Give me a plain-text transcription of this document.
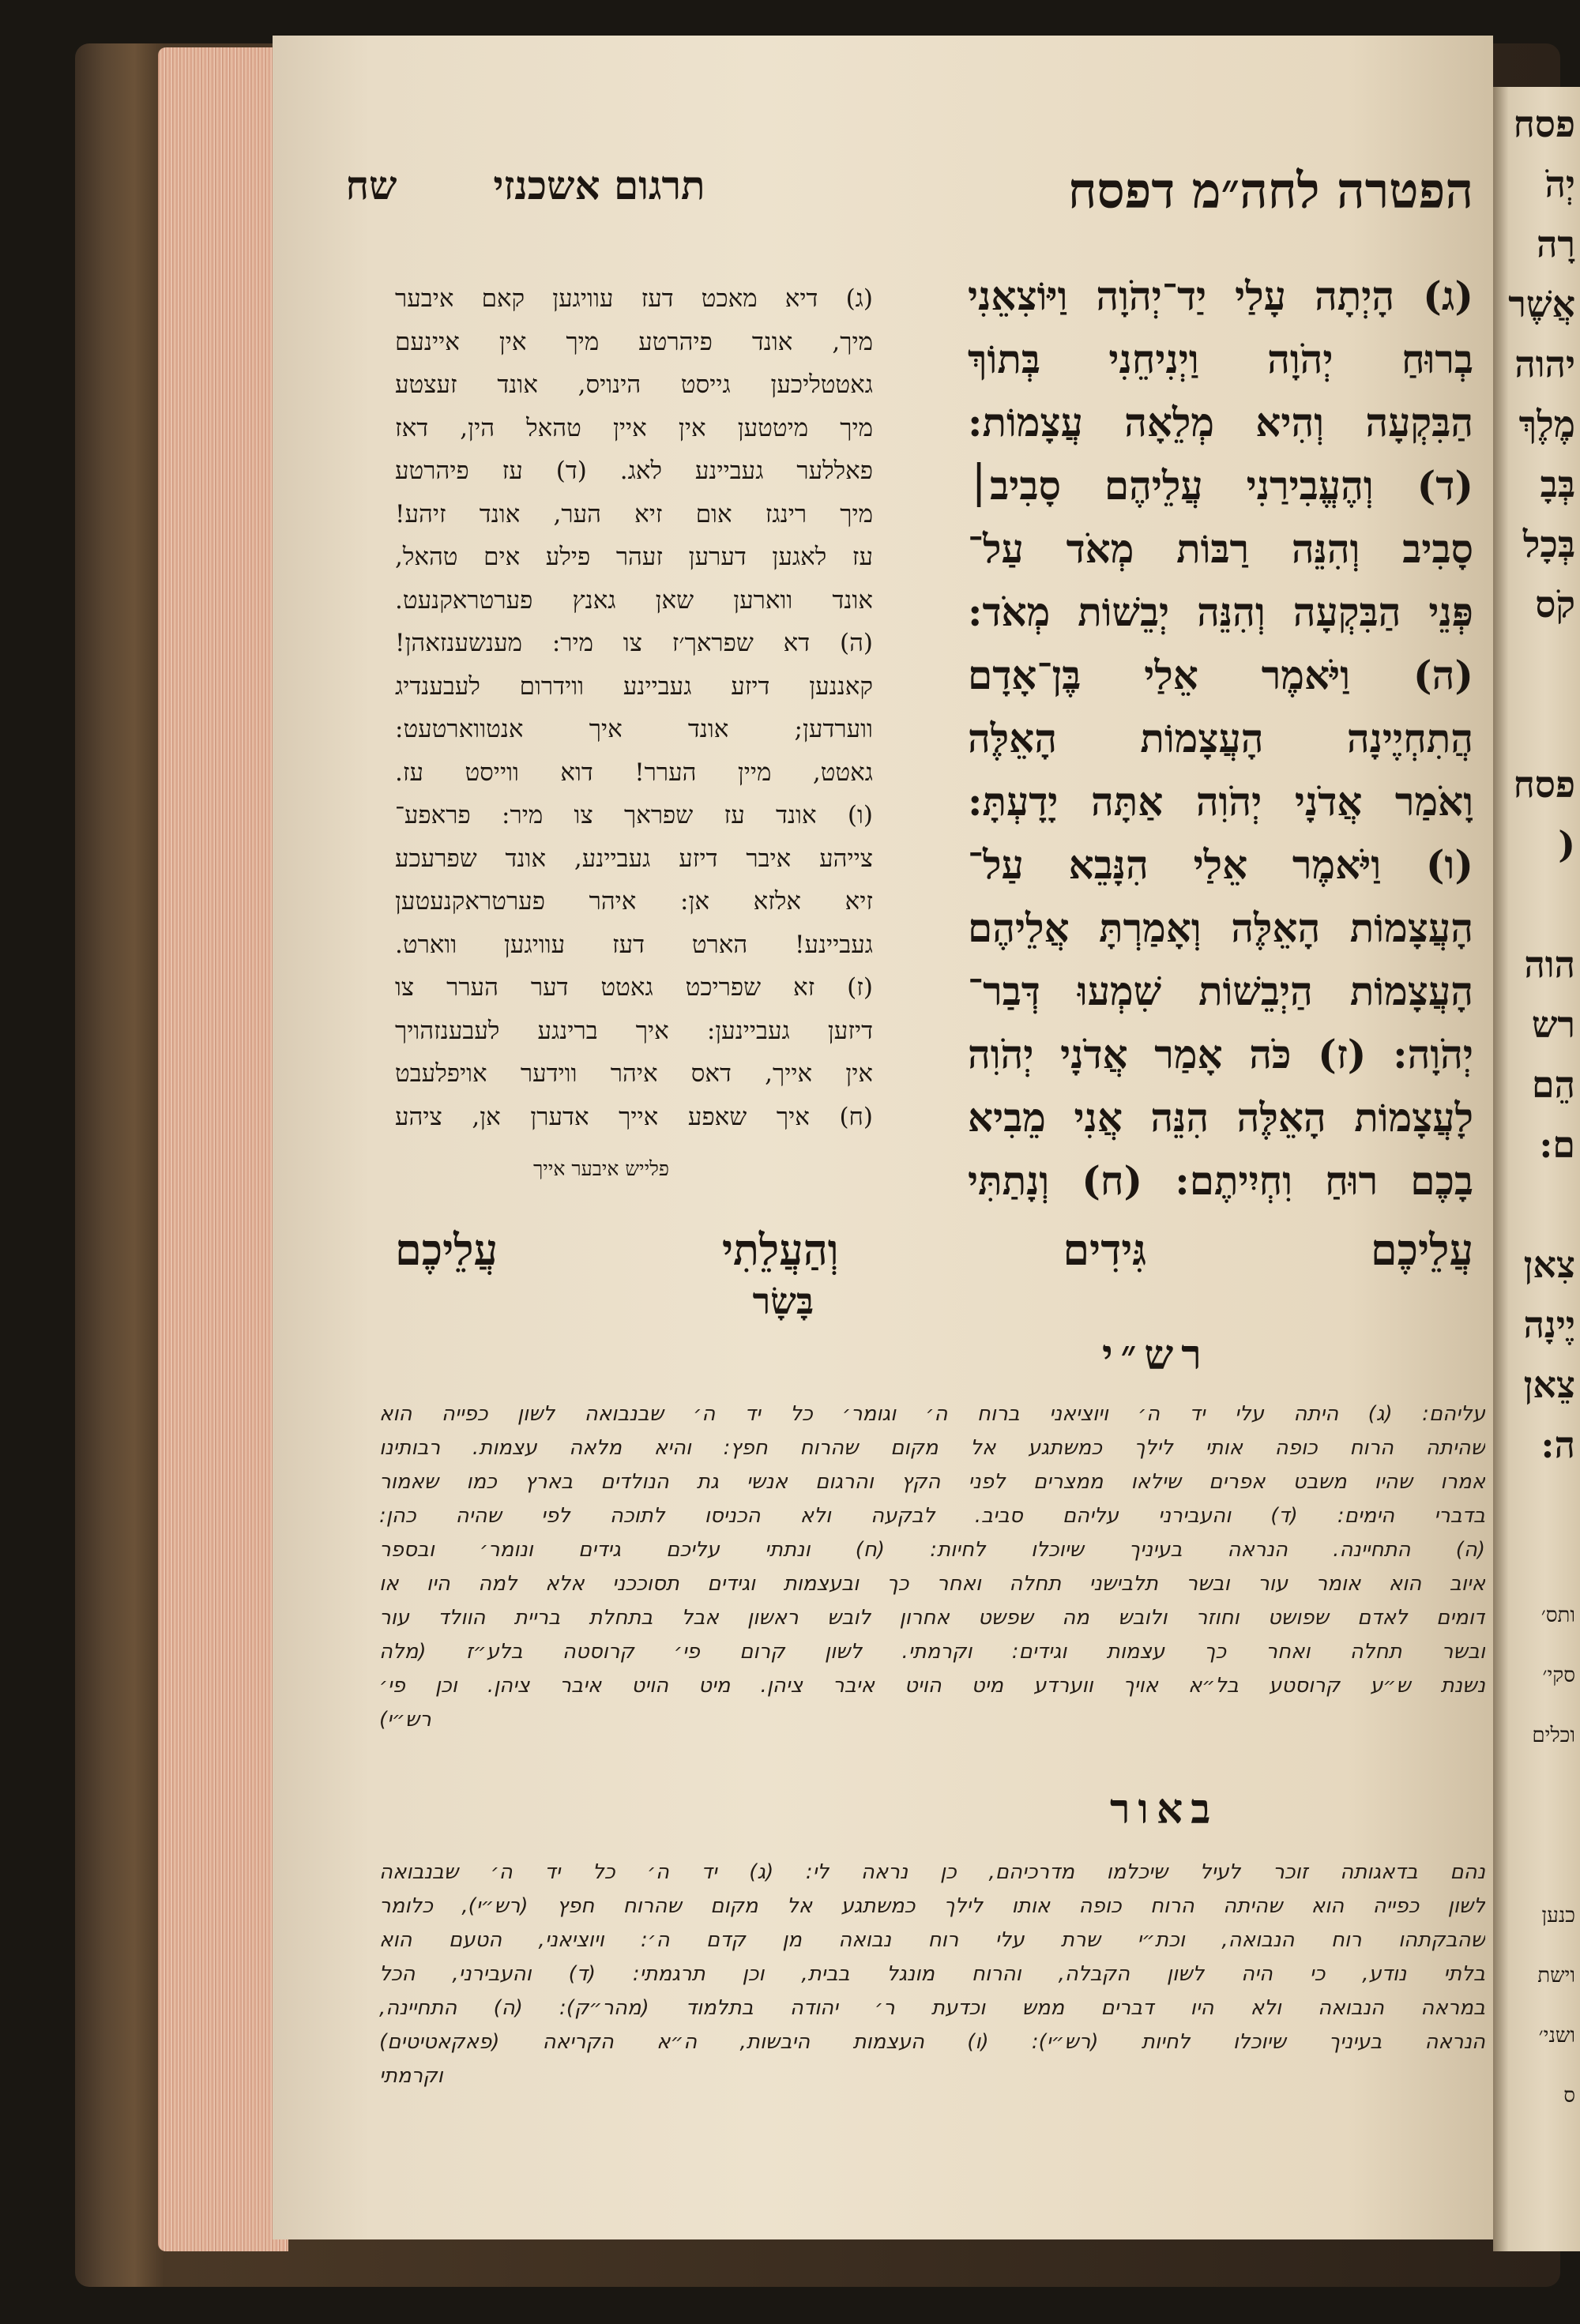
הפטרה לחה״מ דפסח
תרגום אשכנזי       שח
(ג) הָיְתָה עָלַי יַד־יְהֹוָה וַיּוֹצִאֵנִי
בְרוּחַ יְהֹוָה וַיְנִיחֵנִי בְּתוֹךְ
הַבִּקְעָה וְהִיא מְלֵאָה עֲצָמוֹת:
(ד) וְהֶעֱבִירַנִי עֲלֵיהֶם סָבִיב׀
סָבִיב וְהִנֵּה רַבּוֹת מְאֹד עַל־
פְּנֵי הַבִּקְעָה וְהִנֵּה יְבֵשׁוֹת מְאֹד:
(ה) וַיֹּאמֶר אֵלַי בֶּן־אָדָם
הֲתִחְיֶינָה הָעֲצָמוֹת הָאֵלֶּה
וָאֹמַר אֲדֹנָי יְהֹוִה אַתָּה יָדָעְתָּ:
(ו) וַיֹּאמֶר אֵלַי הִנָּבֵא עַל־
הָעֲצָמוֹת הָאֵלֶּה וְאָמַרְתָּ אֲלֵיהֶם
הָעֲצָמוֹת הַיְבֵשׁוֹת שִׁמְעוּ דְּבַר־
יְהֹוָה: (ז) כֹּה אָמַר אֲדֹנָי יְהֹוִה
לָעֲצָמוֹת הָאֵלֶּה הִנֵּה אֲנִי מֵבִיא
בָכֶם רוּחַ וִחְיִיתֶם: (ח) וְנָתַתִּי
(ג) דיא מאכט דעז עוויגען קאם איבער
מיך, אונד פיהרטע מיך אין איינעם
גאטטליכען גייסט הינויס, אונד זעצטע
מיך מיטטען אין איין טהאל הין, דאז
פאללער געביינע לאג. (ד) עז פיהרטע
מיך רינגז אום זיא הער, אונד זיהע!
עז לאגען דערען זעהר פילע אים טהאל,
אונד ווארען שאן גאנץ פערטראקנעט.
(ה) דא שפראך׳ז צו מיר: מענשענזאהן!
קאננען דיזע געביינע ווידרום לעבענדיג
ווערדען; אונד איך אנטווארטעט:
גאטט, מיין הערר! דוא ווייסט עז.
(ו) אונד עז שפראך צו מיר: פראפע־
צייהע איבר דיזע געביינע, אונד שפרעכע
זיא אלזא אן: איהר פערטראקנעטען
געביינע! הארט דעז עוויגען ווארט.
(ז) זא שפריכט גאטט דער הערר צו
דיזען געביינען: איך ברינגע לעבענזהויך
אין אייך, דאס איהר ווידער אויפלעבט
(ח) איך שאפע אייך אדערן אן, ציהע
פלייש איבער אייך
עֲלֵיכֶם גִּידִים וְהַעֲלֵתִי עֲלֵיכֶם
בָּשָׂר
רש״י
עליהם: (ג) היתה עלי יד ה׳ ויוציאני ברוח ה׳ וגומר׳ כל יד ה׳ שבנבואה לשון כפייה הוא
שהיתה הרוח כופה אותי לילך כמשתגע אל מקום שהרוח חפץ: והיא מלאה עצמות. רבותינו
אמרו שהיו משבט אפרים שילאו ממצרים לפני הקץ והרגום אנשי גת הנולדים בארץ כמו שאמור
בדברי הימים: (ד) והעבירני עליהם סביב. לבקעה ולא הכניסו לתוכה לפי שהיה כהן:
(ה) התחיינה. הנראה בעיניך שיוכלו לחיות: (ח) ונתתי עליכם גידים ונומר׳ ובספר
איוב הוא אומר עור ובשר תלבישני תחלה ואחר כך ובעצמות וגידים תסוככני אלא למה היו או
דומים לאדם שפושט וחוזר ולובש מה שפשט אחרון לובש ראשון אבל בתחלת בריית הוולד עור
ובשר תחלה ואחר כך עצמות וגידים: וקרמתי. לשון קרום פי׳ קרוסטה בלע״ז (מלה
נשנת ש״ע קרוסטע בל״א אויך ווערדע מיט הויט איבר ציהן. מיט הויט איבר ציהן. וכן פי׳
רש״י)
באור
נהם בדאגותה זוכר לעיל שיכלמו מדרכיהם, כן נראה לי: (ג) יד ה׳ כל יד ה׳ שבנבואה
לשון כפייה הוא שהיתה הרוח כופה אותו לילך כמשתגע אל מקום שהרוח חפץ (רש״י), כלומר
שהבקתהו רוח הנבואה, וכת״י שרת עלי רוח נבואה מן קדם ה׳: ויוציאני, הטעם הוא
בלתי נודע, כי היה לשון הקבלה, והרוח מונגל בבית, וכן תרגמתי: (ד) והעבירני, הכל
במראה הנבואה ולא היו דברים ממש וכדעת ר׳ יהודה בתלמוד (מהר״ק): (ה) התחיינה,
הנראה בעיניך שיוכלו לחיות (רש״י): (ו) העצמות היבשות, ה״א הקריאה (פאקאטיטים)
וקרמתי
פסח
יְהֹ
רָה
אֲשֶׁר
יהוה
מֶלֶךְ
בְּבָ
בְּכָל
קֹס
פסח
(
הוה
רש
הֵם
ם:
צִאן
יֶינָה
צֵאן
ה:
ותס׳
סקי׳
וכלים
כנען
וישת
ושני׳
ס
